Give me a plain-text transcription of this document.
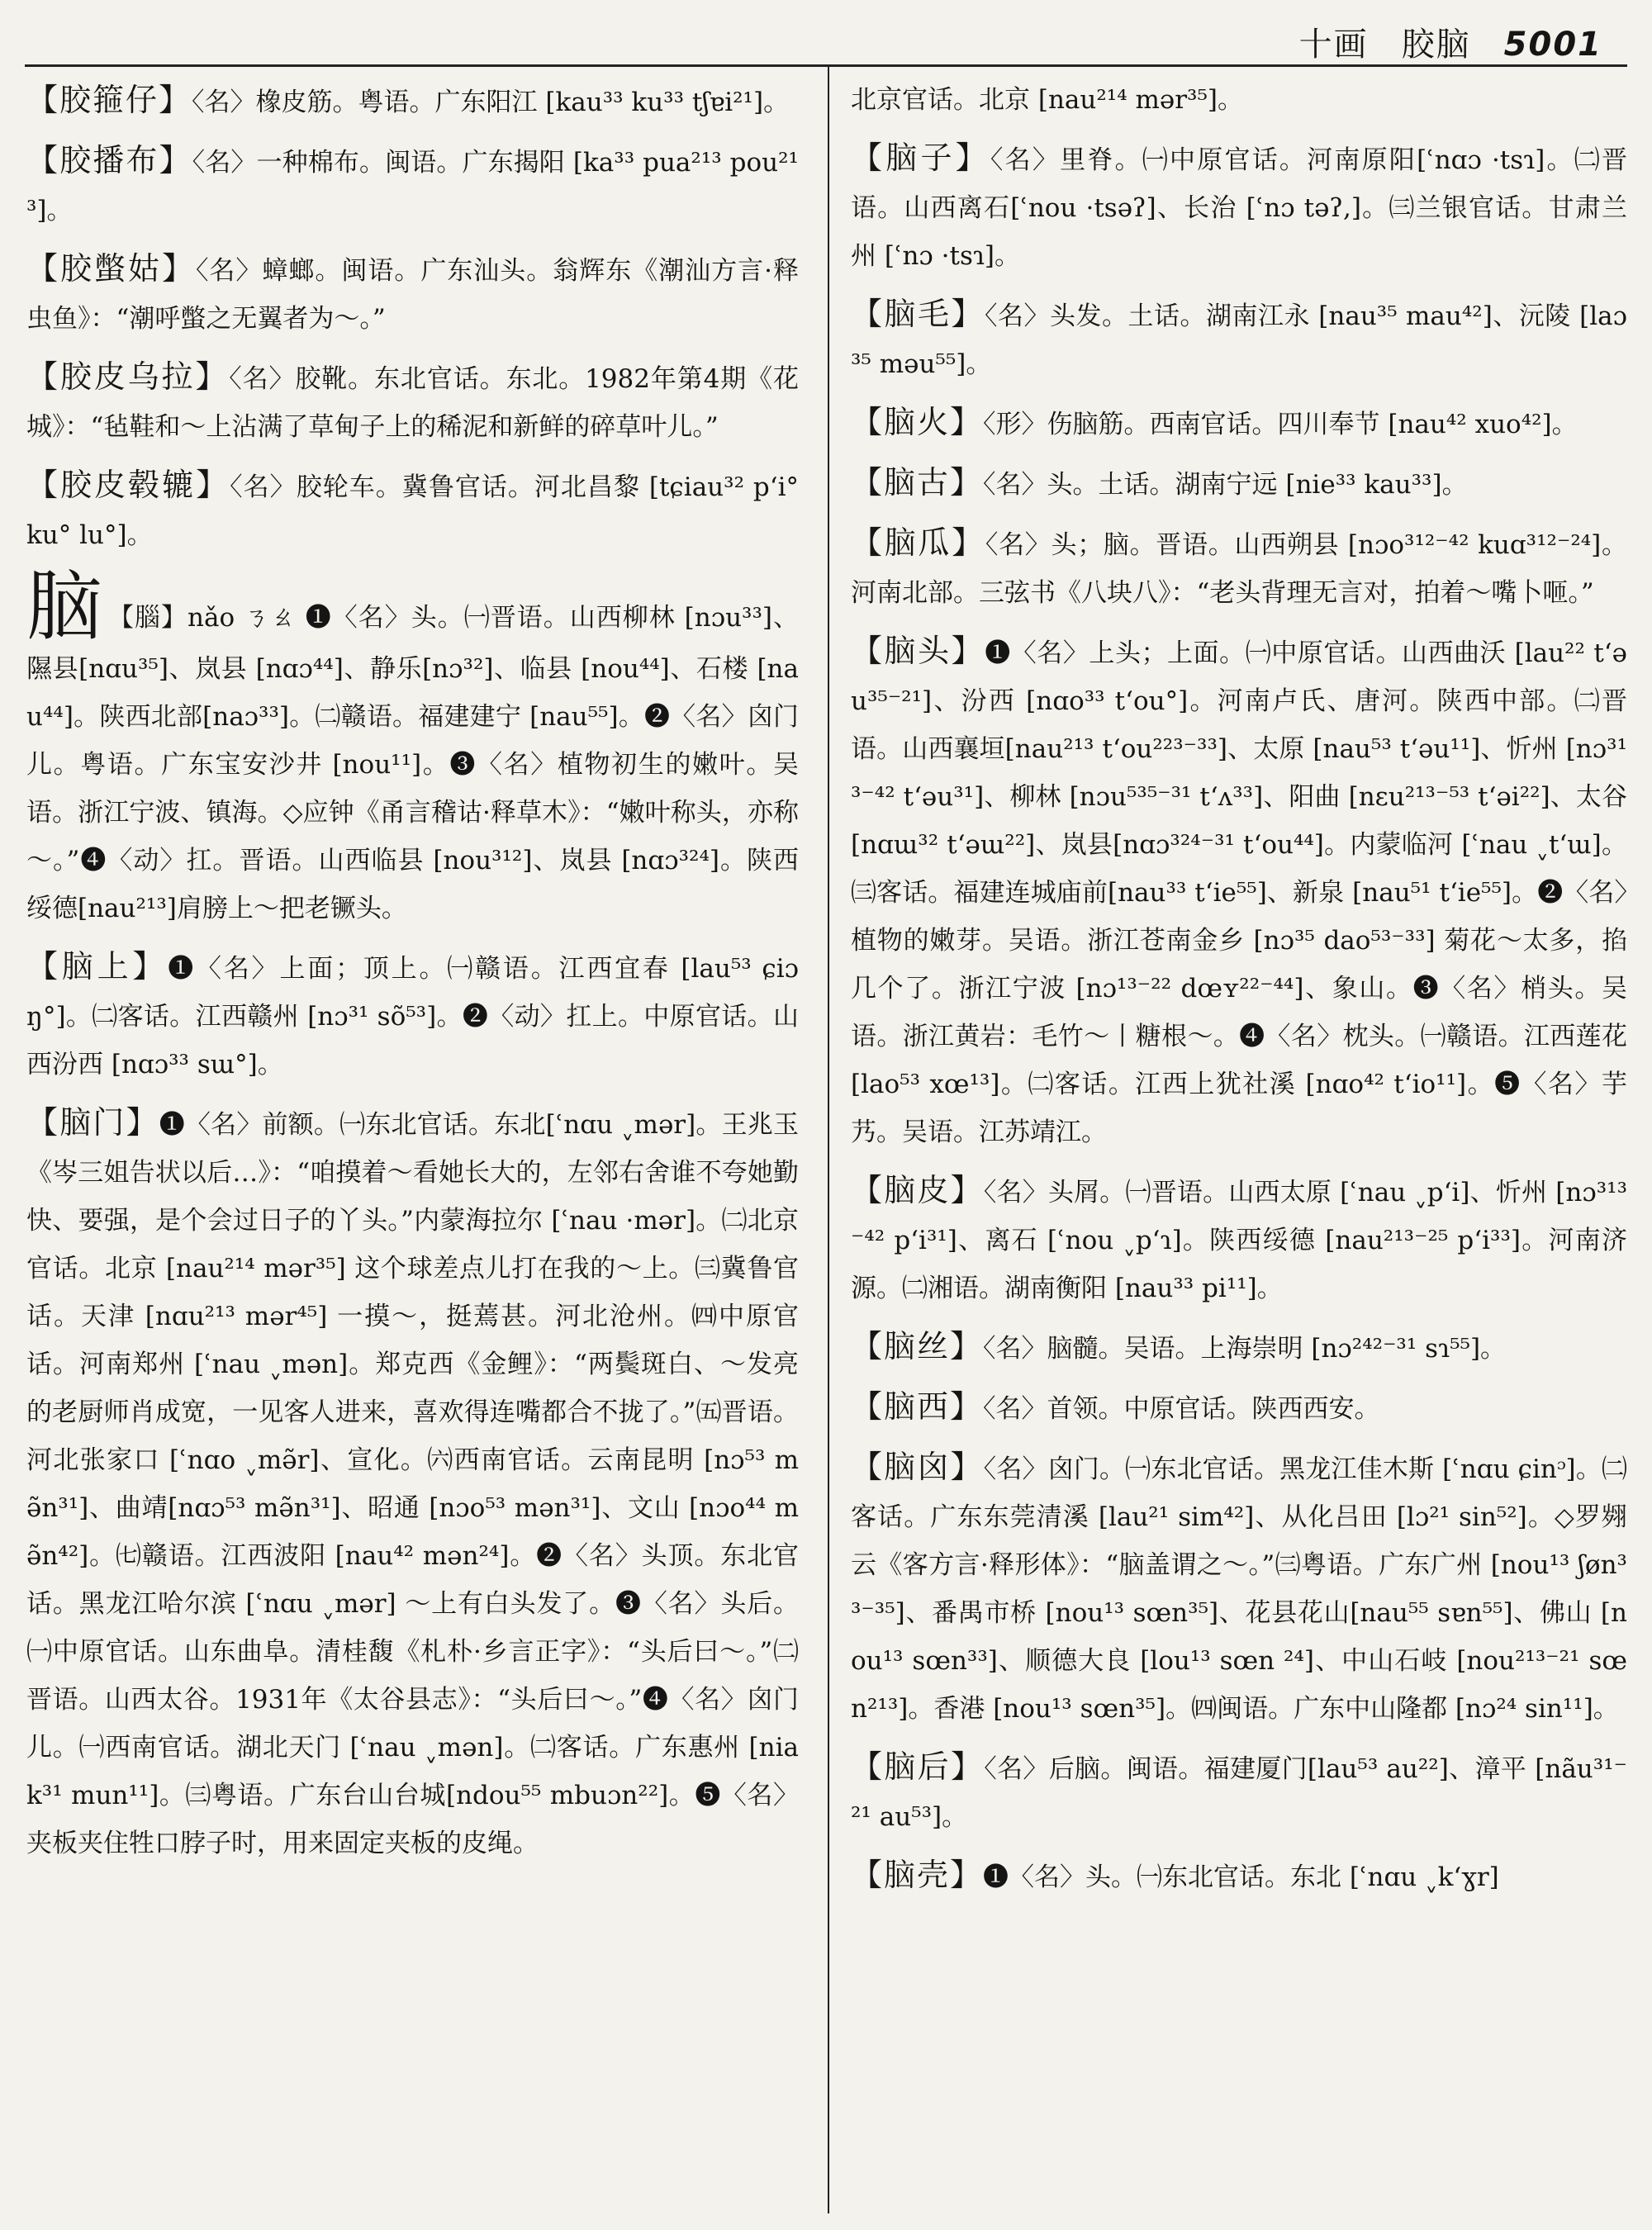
十画 胶脑 5001

【胶箍仔】〈名〉橡皮筋。粤语。广东阳江 [kau³³ ku³³ tʃɐi²¹]。

【胶播布】〈名〉一种棉布。闽语。广东揭阳 [ka³³ pua²¹³ pou²¹³]。

【胶蟞姑】〈名〉蟑螂。闽语。广东汕头。翁辉东《潮汕方言·释虫鱼》：“潮呼蟞之无翼者为～。”

【胶皮乌拉】〈名〉胶靴。东北官话。东北。1982年第4期《花城》：“毡鞋和～上沾满了草甸子上的稀泥和新鲜的碎草叶儿。”

【胶皮毂辘】〈名〉胶轮车。冀鲁官话。河北昌黎 [tɕiau³² pʻi° ku° lu°]。

脑 【腦】nǎo ㄋㄠ ❶〈名〉头。㈠晋语。山西柳林 [nɔu³³]、隰县[nɑu³⁵]、岚县 [nɑɔ⁴⁴]、静乐[nɔ³²]、临县 [nou⁴⁴]、石楼 [nau⁴⁴]。陕西北部[naɔ³³]。㈡赣语。福建建宁 [nau⁵⁵]。❷〈名〉囟门儿。粤语。广东宝安沙井 [nou¹¹]。❸〈名〉植物初生的嫩叶。吴语。浙江宁波、镇海。◇应钟《甬言稽诂·释草木》：“嫩叶称头，亦称～。”❹〈动〉扛。晋语。山西临县 [nou³¹²]、岚县 [nɑɔ³²⁴]。陕西绥德[nau²¹³]肩膀上～把老镢头。

【脑上】❶〈名〉上面；顶上。㈠赣语。江西宜春 [lau⁵³ ɕiɔŋ°]。㈡客话。江西赣州 [nɔ³¹ sõ⁵³]。❷〈动〉扛上。中原官话。山西汾西 [nɑɔ³³ sɯ°]。

【脑门】❶〈名〉前额。㈠东北官话。东北[ʿnɑu ˬmər]。王兆玉《岑三姐告状以后…》：“咱摸着～看她长大的，左邻右舍谁不夸她勤快、要强，是个会过日子的丫头。”内蒙海拉尔 [ʿnau ·mər]。㈡北京官话。北京 [nau²¹⁴ mər³⁵] 这个球差点儿打在我的～上。㈢冀鲁官话。天津 [nɑu²¹³ mər⁴⁵] 一摸～，挺蔫甚。河北沧州。㈣中原官话。河南郑州 [ʿnau ˬmən]。郑克西《金鲤》：“两鬓斑白、～发亮的老厨师肖成宽，一见客人进来，喜欢得连嘴都合不拢了。”㈤晋语。河北张家口 [ʿnɑo ˬmə̃r]、宣化。㈥西南官话。云南昆明 [nɔ⁵³ mə̃n³¹]、曲靖[nɑɔ⁵³ mə̃n³¹]、昭通 [nɔo⁵³ mən³¹]、文山 [nɔo⁴⁴ mə̃n⁴²]。㈦赣语。江西波阳 [nau⁴² mən²⁴]。❷〈名〉头顶。东北官话。黑龙江哈尔滨 [ʿnɑu ˬmər] ～上有白头发了。❸〈名〉头后。㈠中原官话。山东曲阜。清桂馥《札朴·乡言正字》：“头后曰～。”㈡晋语。山西太谷。1931年《太谷县志》：“头后曰～。”❹〈名〉囟门儿。㈠西南官话。湖北天门 [ʿnau ˬmən]。㈡客话。广东惠州 [niak³¹ mun¹¹]。㈢粤语。广东台山台城[ndou⁵⁵ mbuɔn²²]。❺〈名〉夹板夹住牲口脖子时，用来固定夹板的皮绳。

北京官话。北京 [nau²¹⁴ mər³⁵]。

【脑子】〈名〉里脊。㈠中原官话。河南原阳[ʿnɑɔ ·tsɿ]。㈡晋语。山西离石[ʿnou ·tsəʔ]、长治 [ʿnɔ təʔ,]。㈢兰银官话。甘肃兰州 [ʿnɔ ·tsɿ]。

【脑毛】〈名〉头发。土话。湖南江永 [nau³⁵ mau⁴²]、沅陵 [laɔ³⁵ məu⁵⁵]。

【脑火】〈形〉伤脑筋。西南官话。四川奉节 [nau⁴² xuo⁴²]。

【脑古】〈名〉头。土话。湖南宁远 [nie³³ kau³³]。

【脑瓜】〈名〉头；脑。晋语。山西朔县 [nɔo³¹²⁻⁴² kuɑ³¹²⁻²⁴]。河南北部。三弦书《八块八》：“老头背理无言对，拍着～嘴卜咂。”

【脑头】❶〈名〉上头；上面。㈠中原官话。山西曲沃 [lau²² tʻəu³⁵⁻²¹]、汾西 [nɑo³³ tʻou°]。河南卢氏、唐河。陕西中部。㈡晋语。山西襄垣[nau²¹³ tʻou²²³⁻³³]、太原 [nau⁵³ tʻəu¹¹]、忻州 [nɔ³¹³⁻⁴² tʻəu³¹]、柳林 [nɔu⁵³⁵⁻³¹ tʻʌ³³]、阳曲 [nɛu²¹³⁻⁵³ tʻəi²²]、太谷 [nɑɯ³² tʻəɯ²²]、岚县[nɑɔ³²⁴⁻³¹ tʻou⁴⁴]。内蒙临河 [ʿnau ˬtʻɯ]。㈢客话。福建连城庙前[nau³³ tʻie⁵⁵]、新泉 [nau⁵¹ tʻie⁵⁵]。❷〈名〉植物的嫩芽。吴语。浙江苍南金乡 [nɔ³⁵ dao⁵³⁻³³] 菊花～太多，掐几个了。浙江宁波 [nɔ¹³⁻²² dœʏ²²⁻⁴⁴]、象山。❸〈名〉梢头。吴语。浙江黄岩：毛竹～丨糖根～。❹〈名〉枕头。㈠赣语。江西莲花 [lao⁵³ xœ¹³]。㈡客话。江西上犹社溪 [nɑo⁴² tʻio¹¹]。❺〈名〉芋艿。吴语。江苏靖江。

【脑皮】〈名〉头屑。㈠晋语。山西太原 [ʿnau ˬpʻi]、忻州 [nɔ³¹³⁻⁴² pʻi³¹]、离石 [ʿnou ˬpʻɿ]。陕西绥德 [nau²¹³⁻²⁵ pʻi³³]。河南济源。㈡湘语。湖南衡阳 [nau³³ pi¹¹]。

【脑丝】〈名〉脑髓。吴语。上海崇明 [nɔ²⁴²⁻³¹ sɿ⁵⁵]。

【脑西】〈名〉首领。中原官话。陕西西安。

【脑囟】〈名〉囟门。㈠东北官话。黑龙江佳木斯 [ʿnɑu ɕinᵓ]。㈡客话。广东东莞清溪 [lau²¹ sim⁴²]、从化吕田 [lɔ²¹ sin⁵²]。◇罗翙云《客方言·释形体》：“脑盖谓之～。”㈢粤语。广东广州 [nou¹³ ʃøn³³⁻³⁵]、番禺市桥 [nou¹³ sœn³⁵]、花县花山[nau⁵⁵ sɐn⁵⁵]、佛山 [nou¹³ sœn³³]、顺德大良 [lou¹³ sœn ²⁴]、中山石岐 [nou²¹³⁻²¹ sœn²¹³]。香港 [nou¹³ sœn³⁵]。㈣闽语。广东中山隆都 [nɔ²⁴ sin¹¹]。

【脑后】〈名〉后脑。闽语。福建厦门[lau⁵³ au²²]、漳平 [nãu³¹⁻²¹ au⁵³]。

【脑壳】❶〈名〉头。㈠东北官话。东北 [ʿnɑu ˬkʻɣr]
